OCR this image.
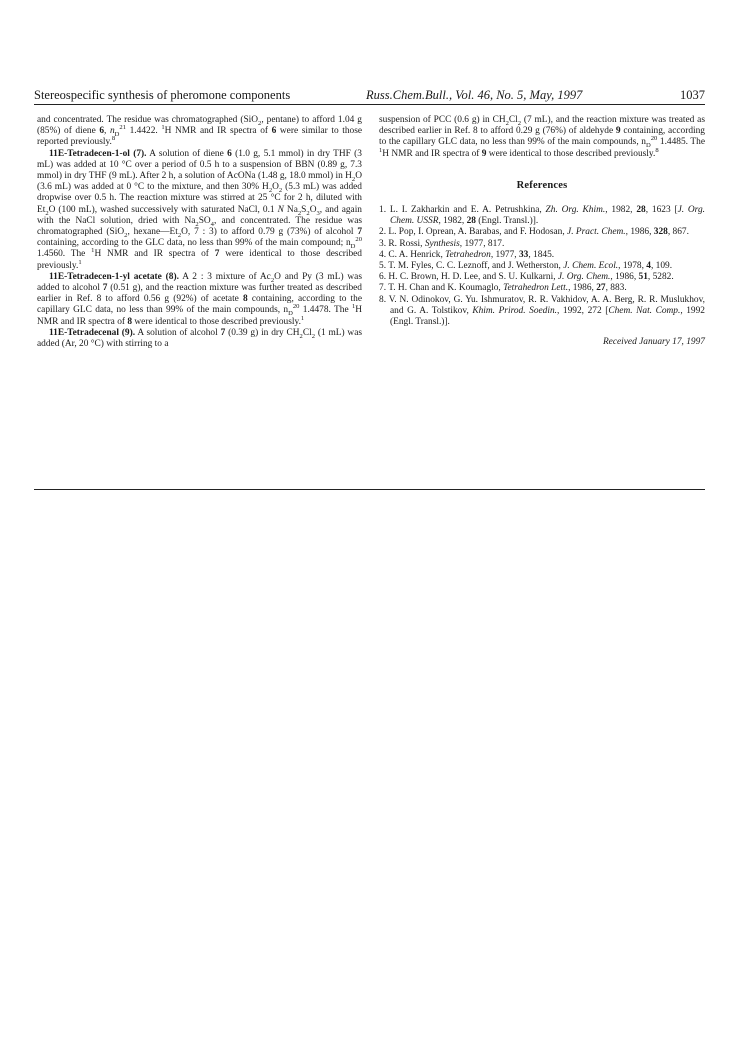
Stereospecific synthesis of pheromone components	Russ.Chem.Bull., Vol. 46, No. 5, May, 1997	1037

and concentrated. The residue was chromatographed (SiO$_2$, pentane) to afford 1.04 g (85%) of diene 6, $n_D^{21}$ 1.4422. $^1$H NMR and IR spectra of 6 were similar to those reported previously.$^8$

11E-Tetradecen-1-ol (7). A solution of diene 6 (1.0 g, 5.1 mmol) in dry THF (3 mL) was added at 10 °C over a period of 0.5 h to a suspension of BBN (0.89 g, 7.3 mmol) in dry THF (9 mL). After 2 h, a solution of AcONa (1.48 g, 18.0 mmol) in $H_2O$ (3.6 mL) was added at 0 °C to the mixture, and then 30% $H_2O_2$ (5.3 mL) was added dropwise over 0.5 h. The reaction mixture was stirred at 25 °C for 2 h, diluted with $Et_2O$ (100 mL), washed successively with saturated NaCl, 0.1 N $Na_2S_2O_3$, and again with the NaCl solution, dried with $Na_2SO_4$, and concentrated. The residue was chromatographed (SiO$_2$, $hexane—Et_2O$, 7 : 3) to afford 0.79 g (73%) of alcohol 7 containing, according to the GLC data, no less than 99% of the main compound; $n_D^{20}$ 1.4560. The $^1$H NMR and IR spectra of 7 were identical to those described previously.$^1$

11E-Tetradecen-1-yl acetate (8). A 2 : 3 mixture of $Ac_2O$ and Py (3 mL) was added to alcohol 7 (0.51 g), and the reaction mixture was further treated as described earlier in Ref. 8 to afford 0.56 g (92%) of acetate 8 containing, according to the capillary GLC data, no less than 99% of the main compounds, $n_D^{20}$ 1.4478. The $^1$H NMR and IR spectra of 8 were identical to those described previously.$^1$

11E-Tetradecenal (9). A solution of alcohol 7 (0.39 g) in dry $CH_2Cl_2$ (1 mL) was added (Ar, 20 °C) with stirring to a

suspension of PCC (0.6 g) in $CH_2Cl_2$ (7 mL), and the reaction mixture was treated as described earlier in Ref. 8 to afford 0.29 g (76%) of aldehyde 9 containing, according to the capillary GLC data, no less than 99% of the main compounds, $n_D^{20}$ 1.4485. The $^1$H NMR and IR spectra of 9 were identical to those described previously.$^8$

References

1. L. I. Zakharkin and E. A. Petrushkina, Zh. Org. Khim., 1982, 28, 1623 [J. Org. Chem. USSR, 1982, 28 (Engl. Transl.)].

2. L. Pop, I. Oprean, A. Barabas, and F. Hodosan, J. Pract. Chem., 1986, 328, 867.

3. R. Rossi, Synthesis, 1977, 817.

4. C. A. Henrick, Tetrahedron, 1977, 33, 1845.

5. T. M. Fyles, C. C. Leznoff, and J. Wetherston, J. Chem. Ecol., 1978, 4, 109.

6. H. C. Brown, H. D. Lee, and S. U. Kulkarni, J. Org. Chem., 1986, 51, 5282.

7. T. H. Chan and K. Koumaglo, Tetrahedron Lett., 1986, 27, 883.

8. V. N. Odinokov, G. Yu. Ishmuratov, R. R. Vakhidov, A. A. Berg, R. R. Muslukhov, and G. A. Tolstikov, Khim. Prirod. Soedin., 1992, 272 [Chem. Nat. Comp., 1992 (Engl. Transl.)].

Received January 17, 1997
